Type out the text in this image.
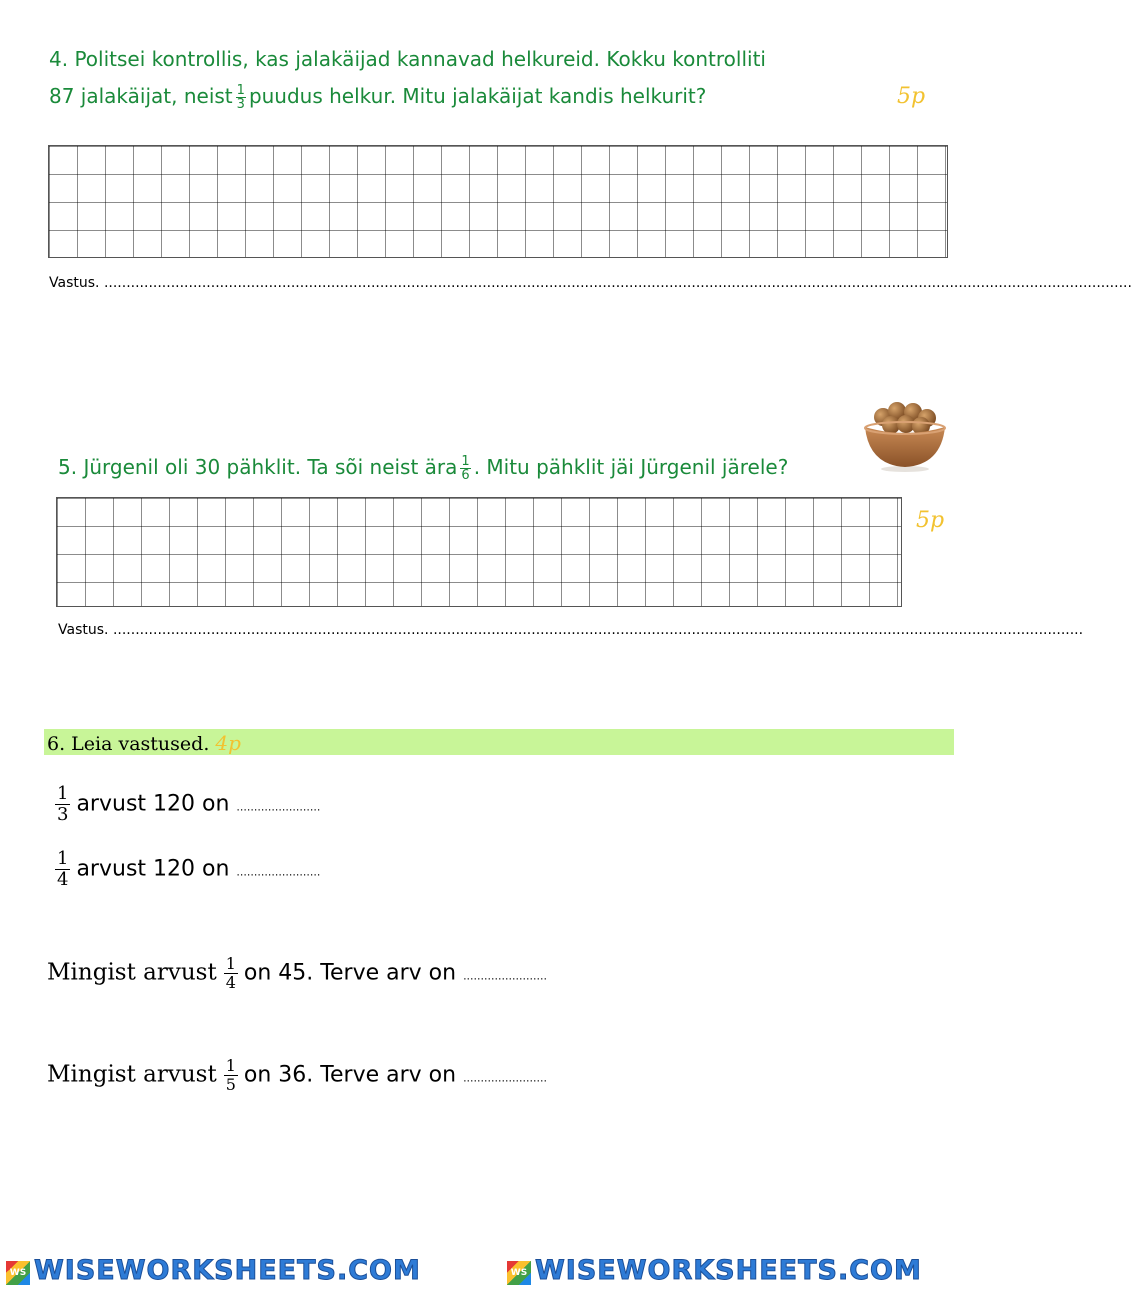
4. Politsei kontrollis, kas jalakäijad kannavad helkureid. Kokku kontrolliti
87 jalakäijat, neist $\frac{1}{3}$ puudus helkur. Mitu jalakäijat kandis helkurit?	5p
Vastus. .......................................................................................................................................................................................................................................
5. Jürgenil oli 30 pähklit. Ta sõi neist ära $\frac{1}{6}$ . Mitu pähklit jäi Jürgenil järele?
5p
Vastus. ..........................................................................................................................................................................................................................
6. Leia vastused. 4p
$\frac{1}{3}$ arvust 120 on ........................
$\frac{1}{4}$ arvust 120 on ........................
Mingist arvust $\frac{1}{4}$ on 45. Terve arv on ........................
Mingist arvust $\frac{1}{5}$ on 36. Terve arv on ........................
WS WISEWORKSHEETS.COM	WS WISEWORKSHEETS.COM
